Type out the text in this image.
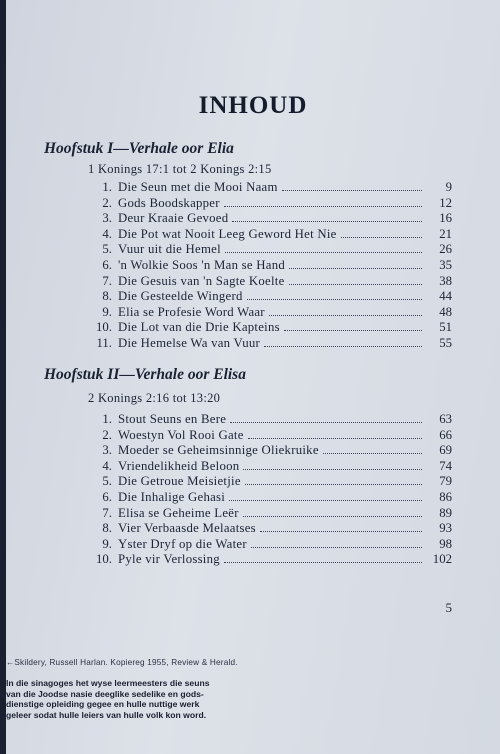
INHOUD
Hoofstuk I—Verhale oor Elia
1 Konings 17:1 tot 2 Konings 2:15
1. Die Seun met die Mooi Naam	9
2. Gods Boodskapper	12
3. Deur Kraaie Gevoed	16
4. Die Pot wat Nooit Leeg Geword Het Nie	21
5. Vuur uit die Hemel	26
6. 'n Wolkie Soos 'n Man se Hand	35
7. Die Gesuis van 'n Sagte Koelte	38
8. Die Gesteelde Wingerd	44
9. Elia se Profesie Word Waar	48
10. Die Lot van die Drie Kapteins	51
11. Die Hemelse Wa van Vuur	55
Hoofstuk II—Verhale oor Elisa
2 Konings 2:16 tot 13:20
1. Stout Seuns en Bere	63
2. Woestyn Vol Rooi Gate	66
3. Moeder se Geheimsinnige Oliekruike	69
4. Vriendelikheid Beloon	74
5. Die Getroue Meisietjie	79
6. Die Inhalige Gehasi	86
7. Elisa se Geheime Leër	89
8. Vier Verbaasde Melaatses	93
9. Yster Dryf op die Water	98
10. Pyle vir Verlossing	102
5
←Skildery, Russell Harlan. Kopiereg 1955, Review & Herald.
In die sinagoges het wyse leermeesters die seuns
van die Joodse nasie deeglike sedelike en gods-
dienstige opleiding gegee en hulle nuttige werk
geleer sodat hulle leiers van hulle volk kon word.
